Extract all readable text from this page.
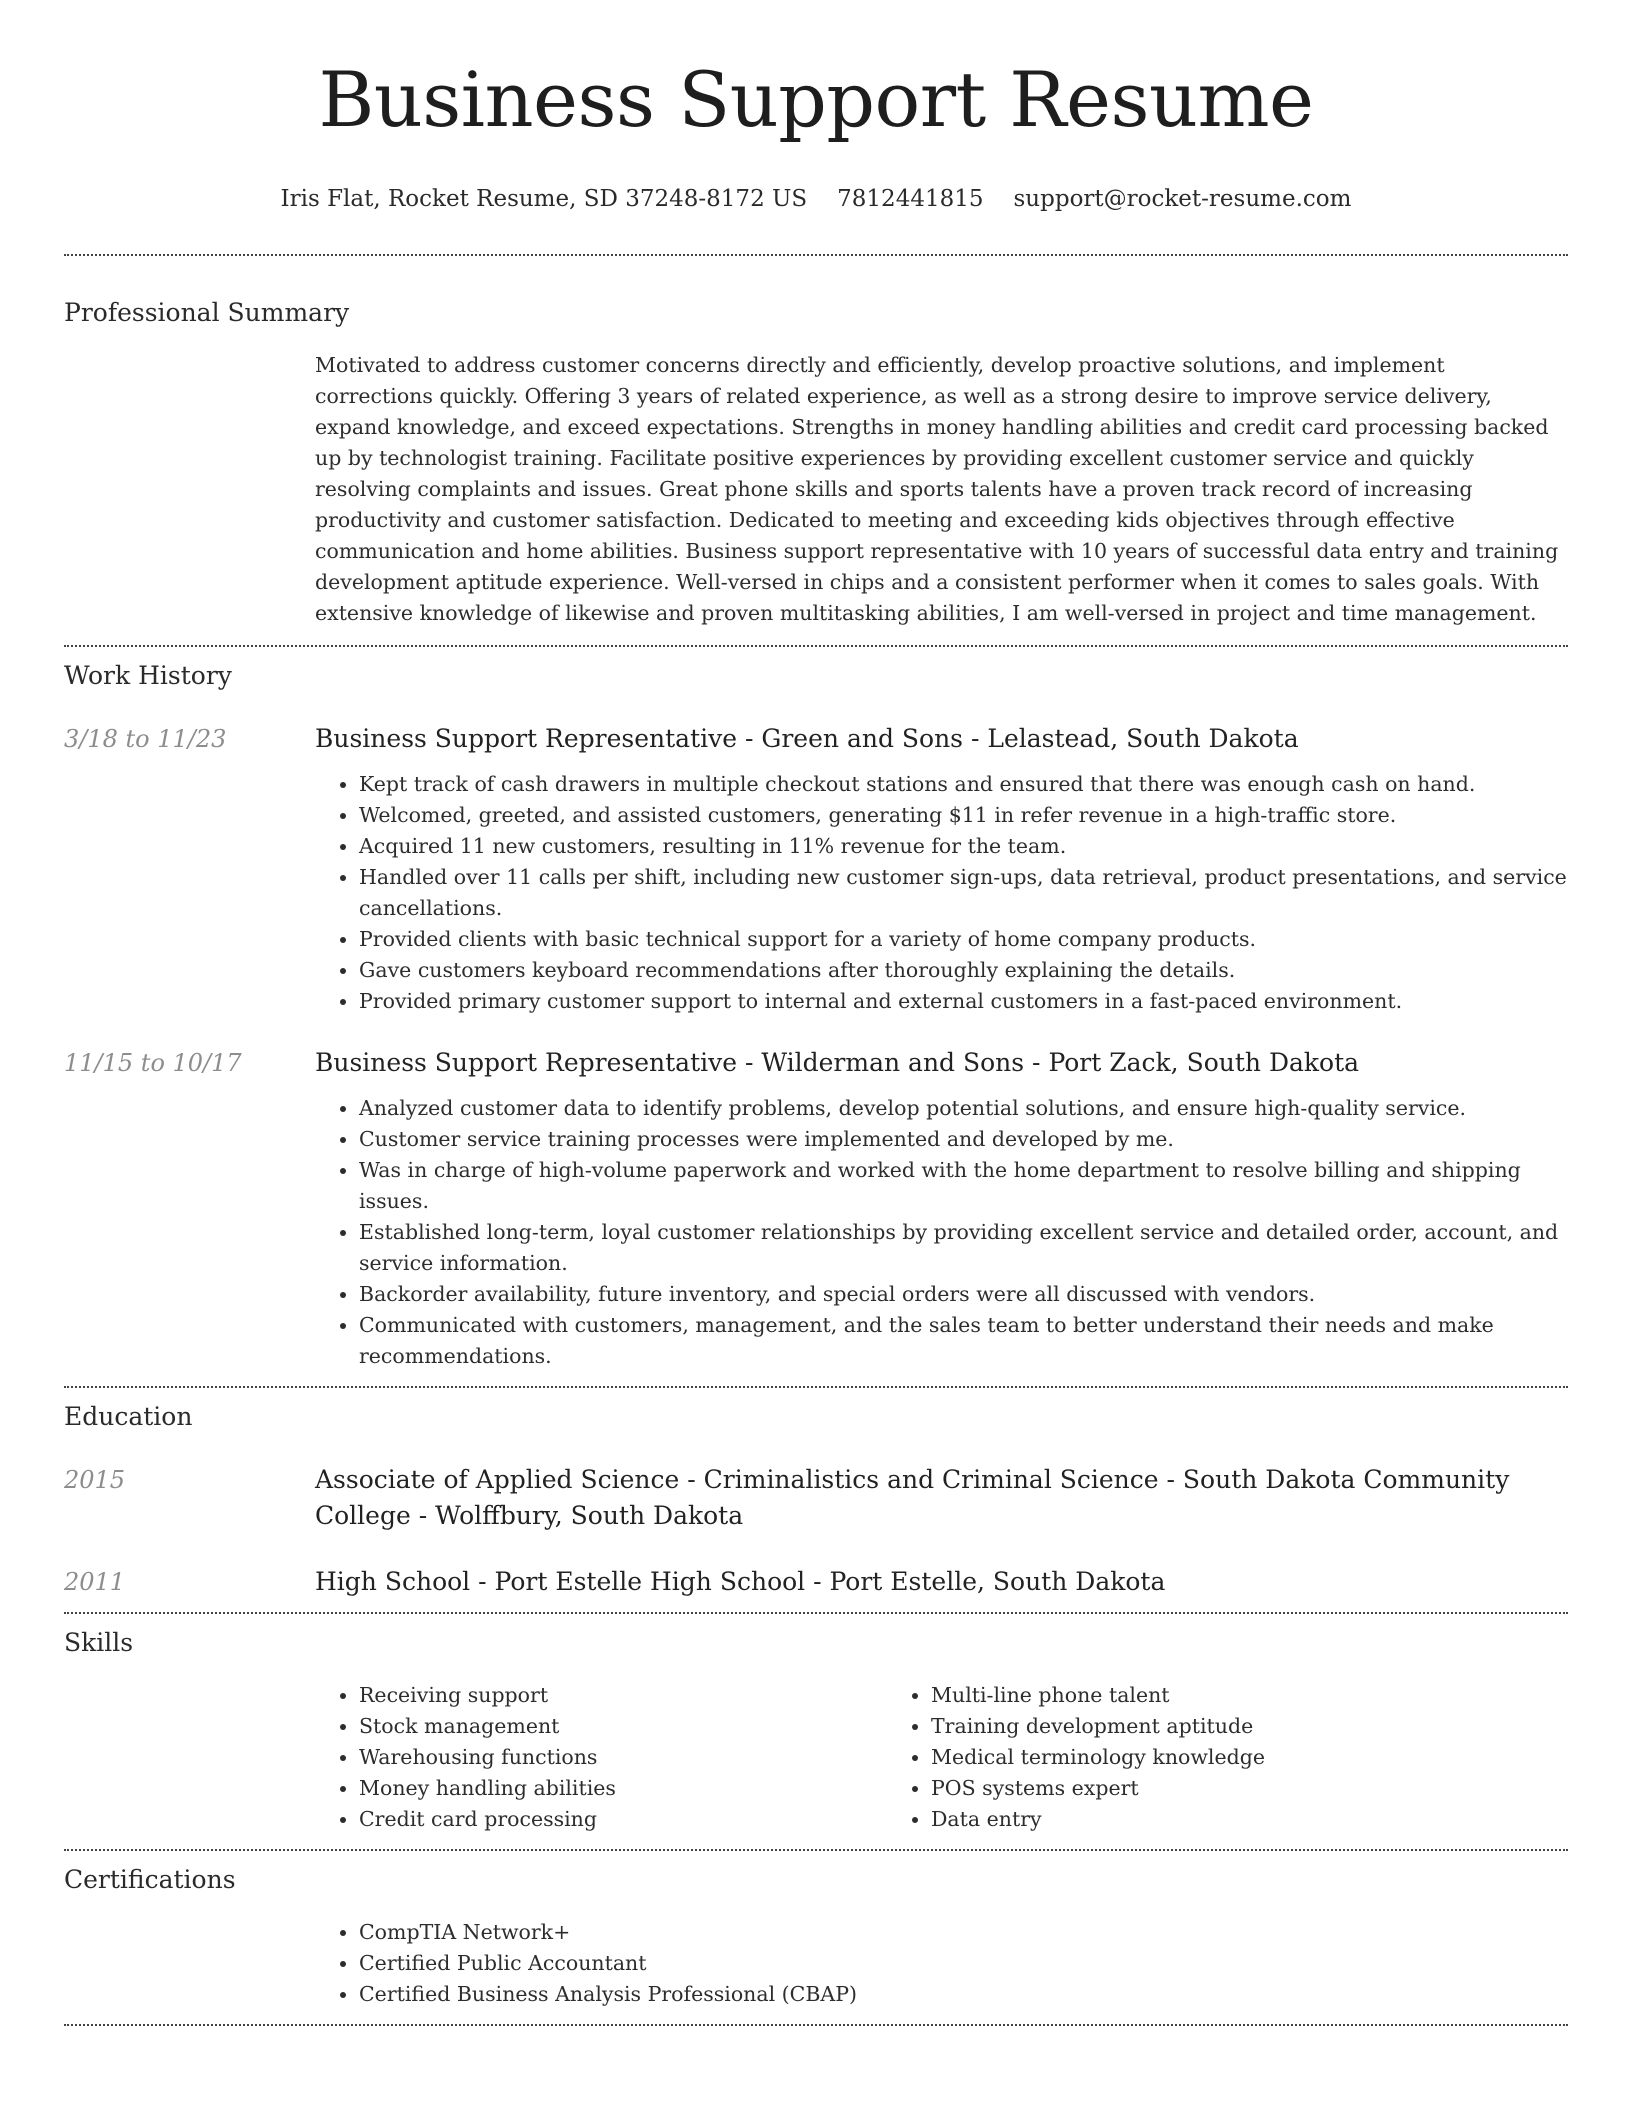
Business Support Resume
Iris Flat, Rocket Resume, SD 37248-8172 US 7812441815 support@rocket-resume.com
Professional Summary
Motivated to address customer concerns directly and efficiently, develop proactive solutions, and implement corrections quickly. Offering 3 years of related experience, as well as a strong desire to improve service delivery, expand knowledge, and exceed expectations. Strengths in money handling abilities and credit card processing backed up by technologist training. Facilitate positive experiences by providing excellent customer service and quickly resolving complaints and issues. Great phone skills and sports talents have a proven track record of increasing productivity and customer satisfaction. Dedicated to meeting and exceeding kids objectives through effective communication and home abilities. Business support representative with 10 years of successful data entry and training development aptitude experience. Well-versed in chips and a consistent performer when it comes to sales goals. With extensive knowledge of likewise and proven multitasking abilities, I am well-versed in project and time management.
Work History
3/18 to 11/23	Business Support Representative - Green and Sons - Lelastead, South Dakota
• Kept track of cash drawers in multiple checkout stations and ensured that there was enough cash on hand.
• Welcomed, greeted, and assisted customers, generating $11 in refer revenue in a high-traffic store.
• Acquired 11 new customers, resulting in 11% revenue for the team.
• Handled over 11 calls per shift, including new customer sign-ups, data retrieval, product presentations, and service cancellations.
• Provided clients with basic technical support for a variety of home company products.
• Gave customers keyboard recommendations after thoroughly explaining the details.
• Provided primary customer support to internal and external customers in a fast-paced environment.
11/15 to 10/17	Business Support Representative - Wilderman and Sons - Port Zack, South Dakota
• Analyzed customer data to identify problems, develop potential solutions, and ensure high-quality service.
• Customer service training processes were implemented and developed by me.
• Was in charge of high-volume paperwork and worked with the home department to resolve billing and shipping issues.
• Established long-term, loyal customer relationships by providing excellent service and detailed order, account, and service information.
• Backorder availability, future inventory, and special orders were all discussed with vendors.
• Communicated with customers, management, and the sales team to better understand their needs and make recommendations.
Education
2015	Associate of Applied Science - Criminalistics and Criminal Science - South Dakota Community College - Wolffbury, South Dakota
2011	High School - Port Estelle High School - Port Estelle, South Dakota
Skills
• Receiving support
• Stock management
• Warehousing functions
• Money handling abilities
• Credit card processing
• Multi-line phone talent
• Training development aptitude
• Medical terminology knowledge
• POS systems expert
• Data entry
Certifications
• CompTIA Network+
• Certified Public Accountant
• Certified Business Analysis Professional (CBAP)
